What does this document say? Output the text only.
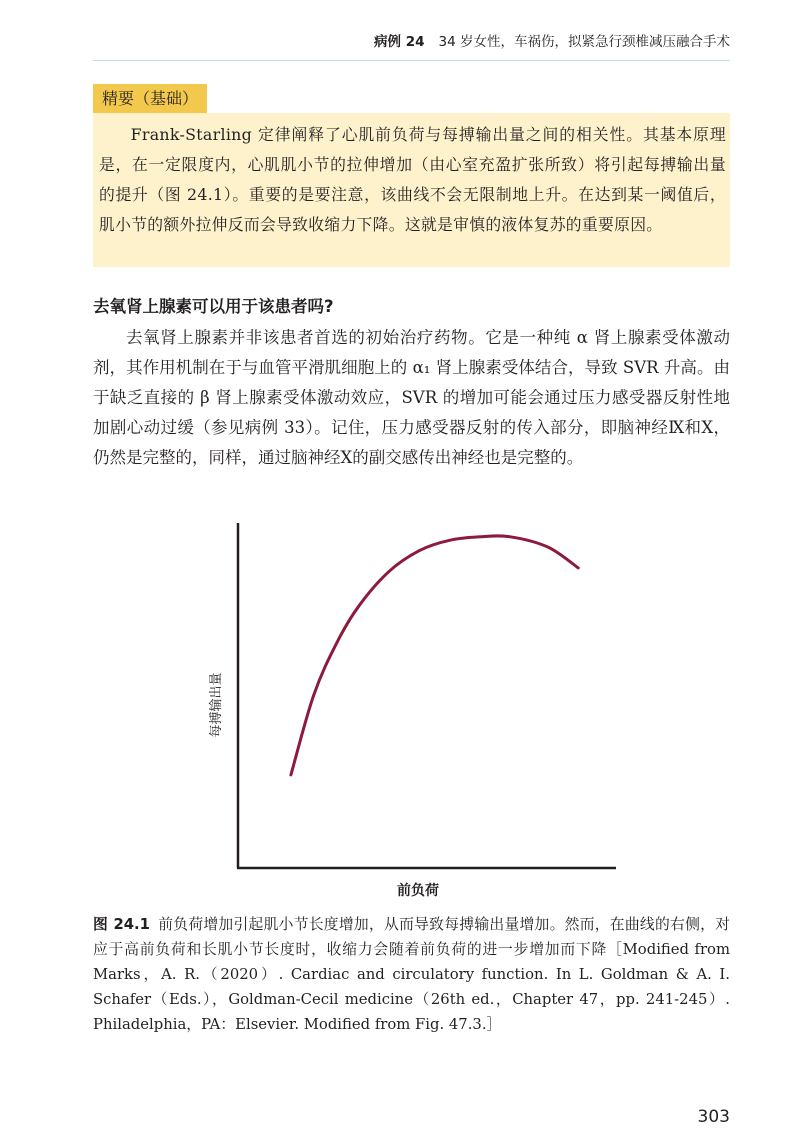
病例 24 34 岁女性，车祸伤，拟紧急行颈椎减压融合手术
精要（基础）

Frank-Starling 定律阐释了心肌前负荷与每搏输出量之间的相关性。其基本原理是，在一定限度内，心肌肌小节的拉伸增加（由心室充盈扩张所致）将引起每搏输出量的提升（图 24.1）。重要的是要注意，该曲线不会无限制地上升。在达到某一阈值后，肌小节的额外拉伸反而会导致收缩力下降。这就是审慎的液体复苏的重要原因。

去氧肾上腺素可以用于该患者吗?

去氧肾上腺素并非该患者首选的初始治疗药物。它是一种纯 α 肾上腺素受体激动剂，其作用机制在于与血管平滑肌细胞上的 α₁ 肾上腺素受体结合，导致 SVR 升高。由于缺乏直接的 β 肾上腺素受体激动效应，SVR 的增加可能会通过压力感受器反射性地加剧心动过缓（参见病例 33）。记住，压力感受器反射的传入部分，即脑神经Ⅸ和Ⅹ，仍然是完整的，同样，通过脑神经Ⅹ的副交感传出神经也是完整的。

每搏输出量
前负荷

图 24.1 前负荷增加引起肌小节长度增加，从而导致每搏输出量增加。然而，在曲线的右侧，对应于高前负荷和长肌小节长度时，收缩力会随着前负荷的进一步增加而下降［Modified from Marks，A. R.（2020）. Cardiac and circulatory function. In L. Goldman & A. I. Schafer（Eds.），Goldman-Cecil medicine（26th ed.，Chapter 47，pp. 241-245）. Philadelphia，PA：Elsevier. Modified from Fig. 47.3.］

303
